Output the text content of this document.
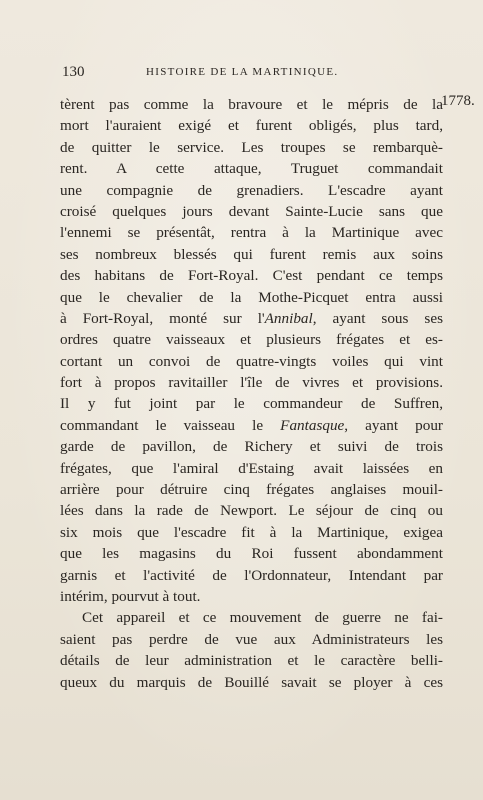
130	HISTOIRE DE LA MARTINIQUE.
1778.
tèrent pas comme la bravoure et le mépris de la
mort l'auraient exigé et furent obligés, plus tard,
de quitter le service. Les troupes se rembarquè-
rent. A cette attaque, Truguet commandait
une compagnie de grenadiers. L'escadre ayant
croisé quelques jours devant Sainte-Lucie sans que
l'ennemi se présentât, rentra à la Martinique avec
ses nombreux blessés qui furent remis aux soins
des habitans de Fort-Royal. C'est pendant ce temps
que le chevalier de la Mothe-Picquet entra aussi
à Fort-Royal, monté sur l'Annibal, ayant sous ses
ordres quatre vaisseaux et plusieurs frégates et es-
cortant un convoi de quatre-vingts voiles qui vint
fort à propos ravitailler l'île de vivres et provisions.
Il y fut joint par le commandeur de Suffren,
commandant le vaisseau le Fantasque, ayant pour
garde de pavillon, de Richery et suivi de trois
frégates, que l'amiral d'Estaing avait laissées en
arrière pour détruire cinq frégates anglaises mouil-
lées dans la rade de Newport. Le séjour de cinq ou
six mois que l'escadre fit à la Martinique, exigea
que les magasins du Roi fussent abondamment
garnis et l'activité de l'Ordonnateur, Intendant par
intérim, pourvut à tout.
Cet appareil et ce mouvement de guerre ne fai-
saient pas perdre de vue aux Administrateurs les
détails de leur administration et le caractère belli-
queux du marquis de Bouillé savait se ployer à ces
